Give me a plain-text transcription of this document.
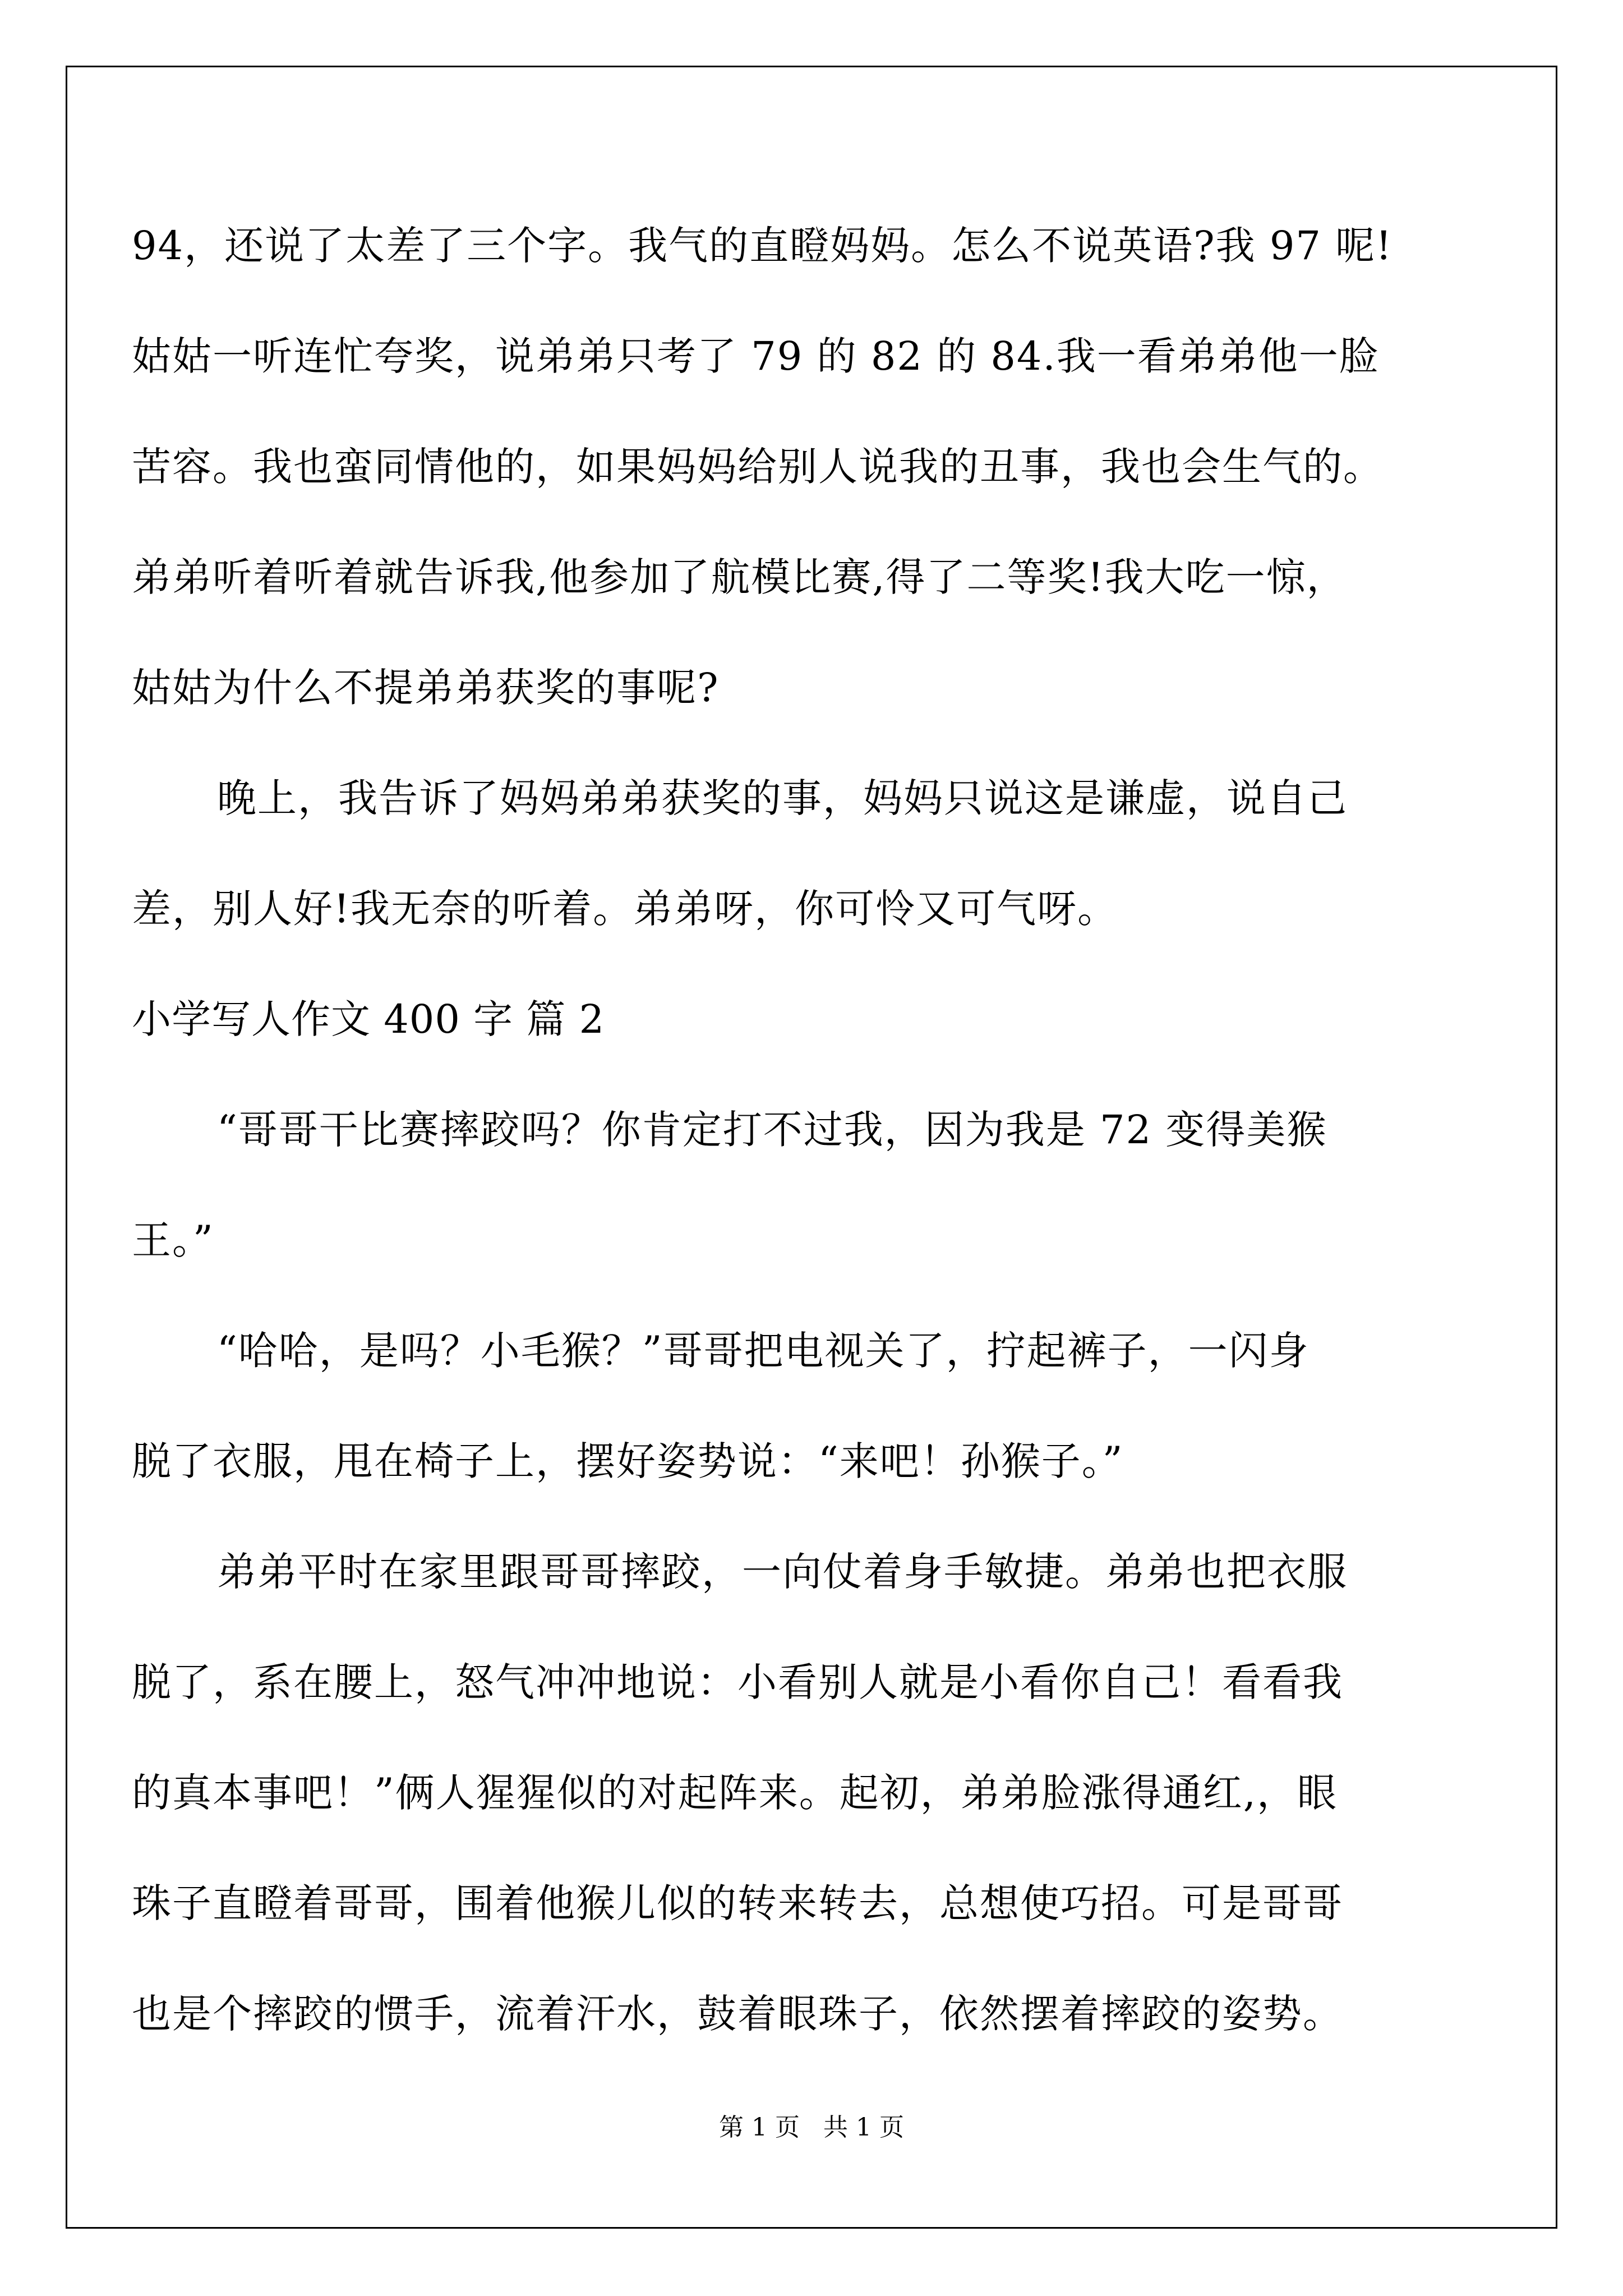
94，还说了太差了三个字。我气的直瞪妈妈。怎么不说英语?我 97 呢!
姑姑一听连忙夸奖，说弟弟只考了 79 的 82 的 84.我一看弟弟他一脸
苦容。我也蛮同情他的，如果妈妈给别人说我的丑事，我也会生气的。
弟弟听着听着就告诉我,他参加了航模比赛,得了二等奖!我大吃一惊，
姑姑为什么不提弟弟获奖的事呢?
晚上，我告诉了妈妈弟弟获奖的事，妈妈只说这是谦虚，说自己
差，别人好!我无奈的听着。弟弟呀，你可怜又可气呀。
小学写人作文 400 字 篇 2
“哥哥干比赛摔跤吗？你肯定打不过我，因为我是 72 变得美猴
王。”
“哈哈，是吗？小毛猴？”哥哥把电视关了，拧起裤子，一闪身
脱了衣服，甩在椅子上，摆好姿势说：“来吧！孙猴子。”
弟弟平时在家里跟哥哥摔跤，一向仗着身手敏捷。弟弟也把衣服
脱了，系在腰上，怒气冲冲地说：小看别人就是小看你自己！看看我
的真本事吧！”俩人猩猩似的对起阵来。起初，弟弟脸涨得通红,，眼
珠子直瞪着哥哥，围着他猴儿似的转来转去，总想使巧招。可是哥哥
也是个摔跤的惯手，流着汗水，鼓着眼珠子，依然摆着摔跤的姿势。
第 1 页   共 1 页
